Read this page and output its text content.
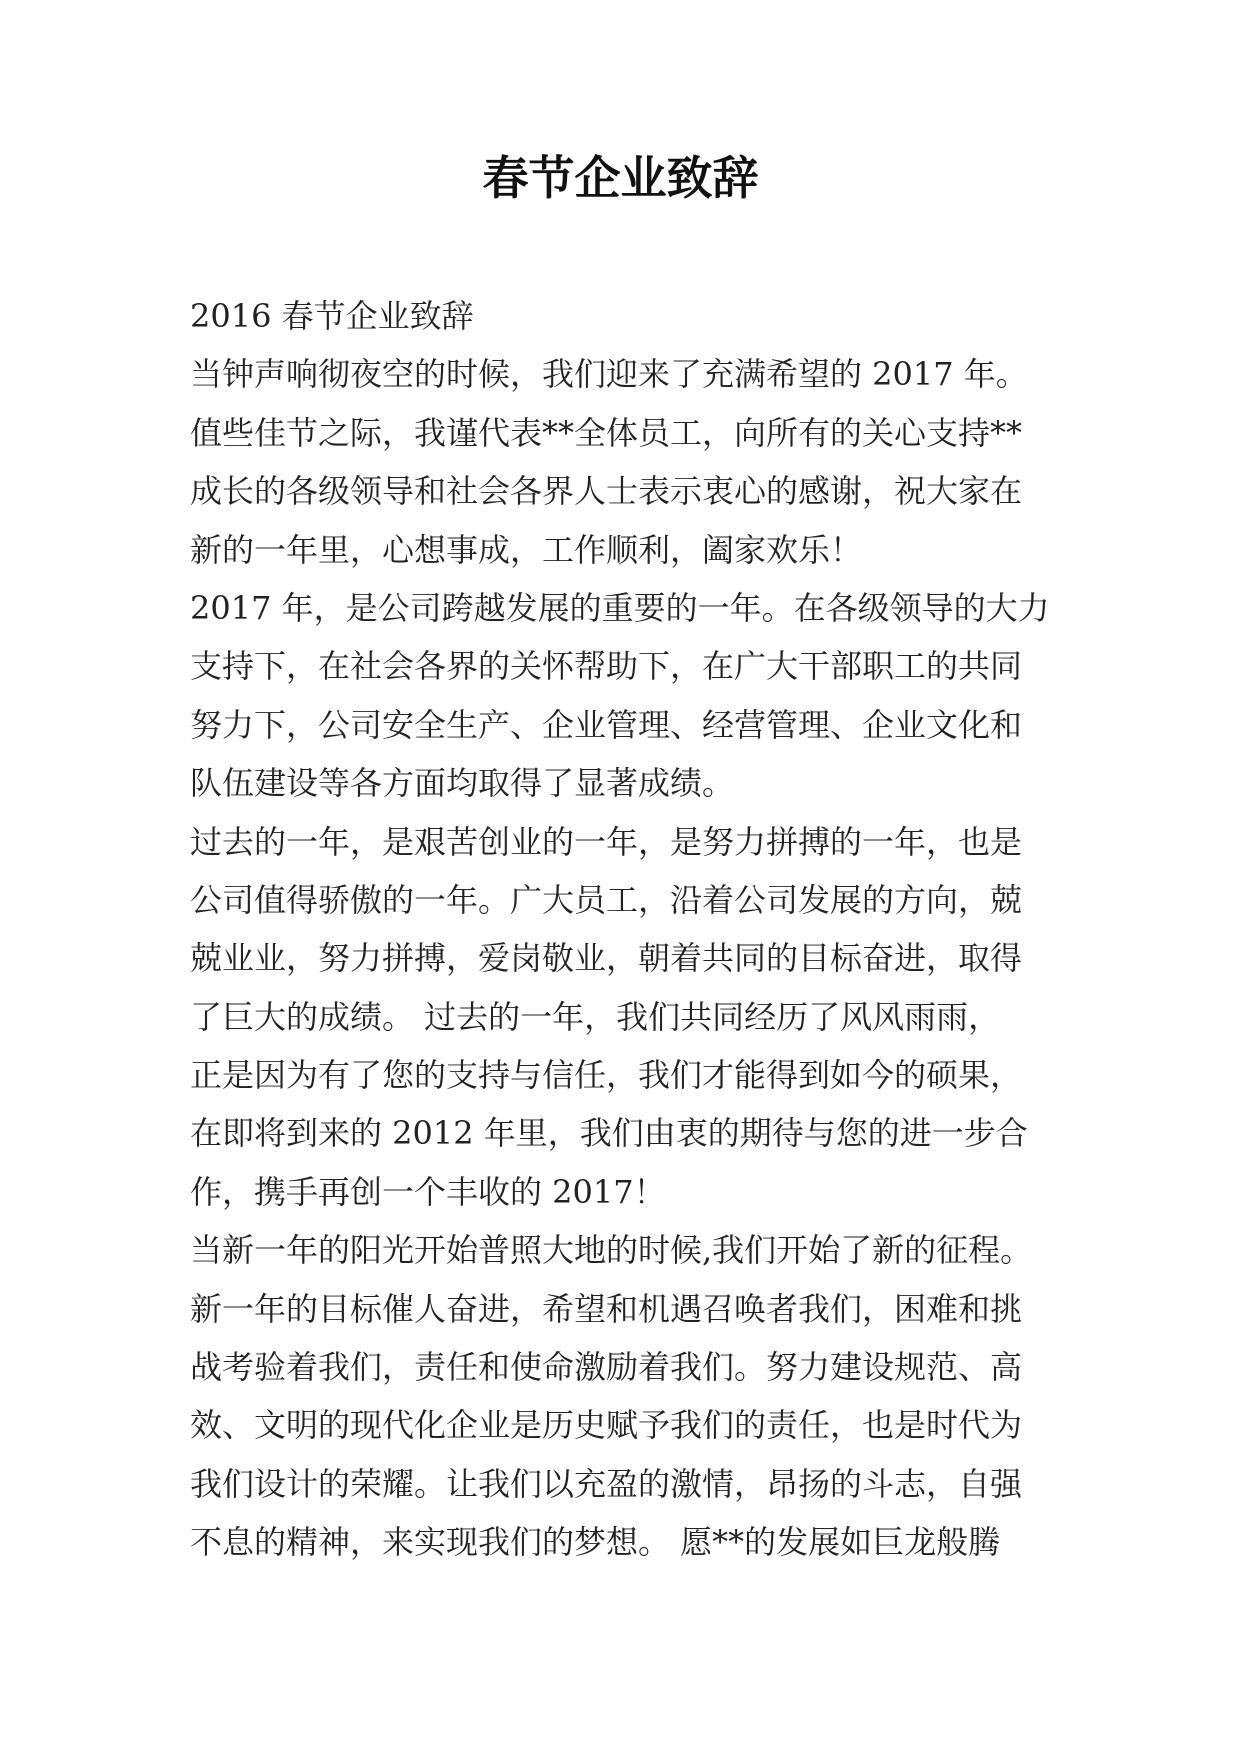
春节企业致辞
2016 春节企业致辞
当钟声响彻夜空的时候，我们迎来了充满希望的 2017 年。
值些佳节之际，我谨代表**全体员工，向所有的关心支持**
成长的各级领导和社会各界人士表示衷心的感谢，祝大家在
新的一年里，心想事成，工作顺利，阖家欢乐！
2017 年，是公司跨越发展的重要的一年。在各级领导的大力
支持下，在社会各界的关怀帮助下，在广大干部职工的共同
努力下，公司安全生产、企业管理、经营管理、企业文化和
队伍建设等各方面均取得了显著成绩。
过去的一年，是艰苦创业的一年，是努力拼搏的一年，也是
公司值得骄傲的一年。广大员工，沿着公司发展的方向，兢
兢业业，努力拼搏，爱岗敬业，朝着共同的目标奋进，取得
了巨大的成绩。 过去的一年，我们共同经历了风风雨雨，
正是因为有了您的支持与信任，我们才能得到如今的硕果，
在即将到来的 2012 年里，我们由衷的期待与您的进一步合
作，携手再创一个丰收的 2017！
当新一年的阳光开始普照大地的时候,我们开始了新的征程。
新一年的目标催人奋进，希望和机遇召唤者我们，困难和挑
战考验着我们，责任和使命激励着我们。努力建设规范、高
效、文明的现代化企业是历史赋予我们的责任，也是时代为
我们设计的荣耀。让我们以充盈的激情，昂扬的斗志，自强
不息的精神，来实现我们的梦想。 愿**的发展如巨龙般腾
